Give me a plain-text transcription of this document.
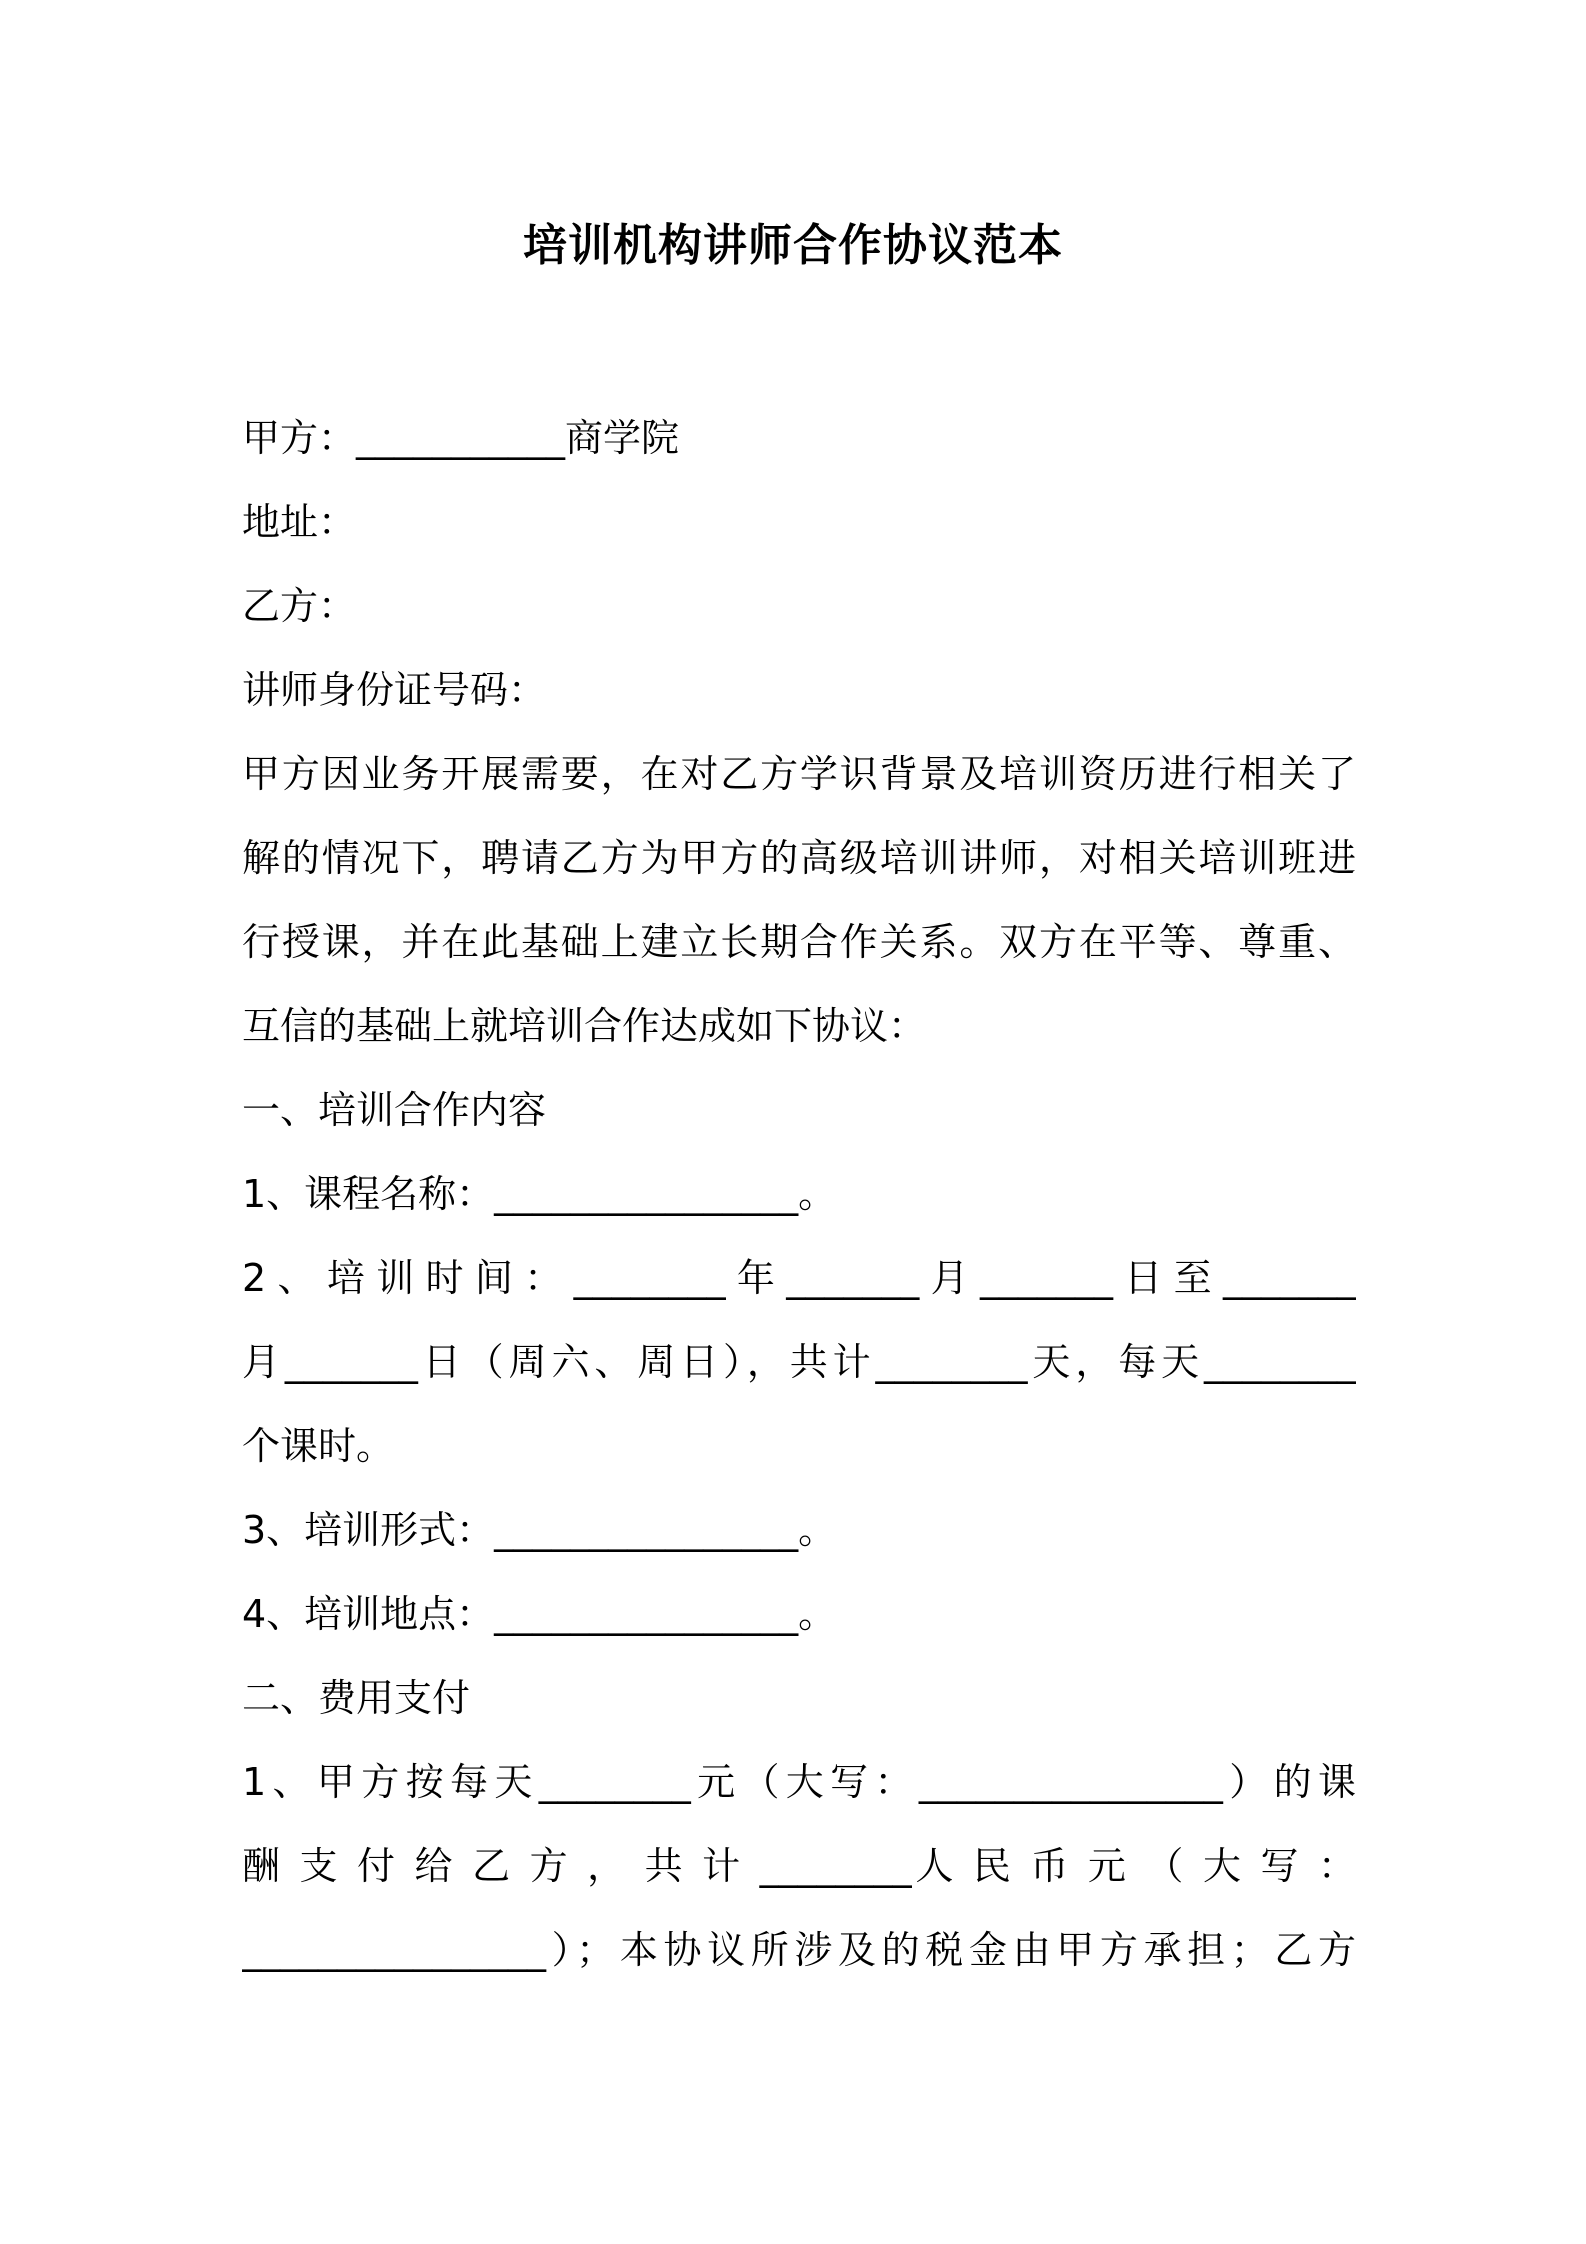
培训机构讲师合作协议范本
甲方：___________商学院
地址：
乙方：
讲师身份证号码：
甲方因业务开展需要，在对乙方学识背景及培训资历进行相关了
解的情况下，聘请乙方为甲方的高级培训讲师，对相关培训班进
行授课，并在此基础上建立长期合作关系。双方在平等、尊重、
互信的基础上就培训合作达成如下协议：
一、培训合作内容
1、课程名称：________________。
2、培训时间：________年_______月_______日至_______
月_______日（周六、周日），共计________天，每天________
个课时。
3、培训形式：________________。
4、培训地点：________________。
二、费用支付
1、甲方按每天________元（大写：________________）的课
酬 支 付 给 乙 方 ， 共 计 ________人 民 币 元 （ 大 写 ：
________________）；本协议所涉及的税金由甲方承担；乙方
